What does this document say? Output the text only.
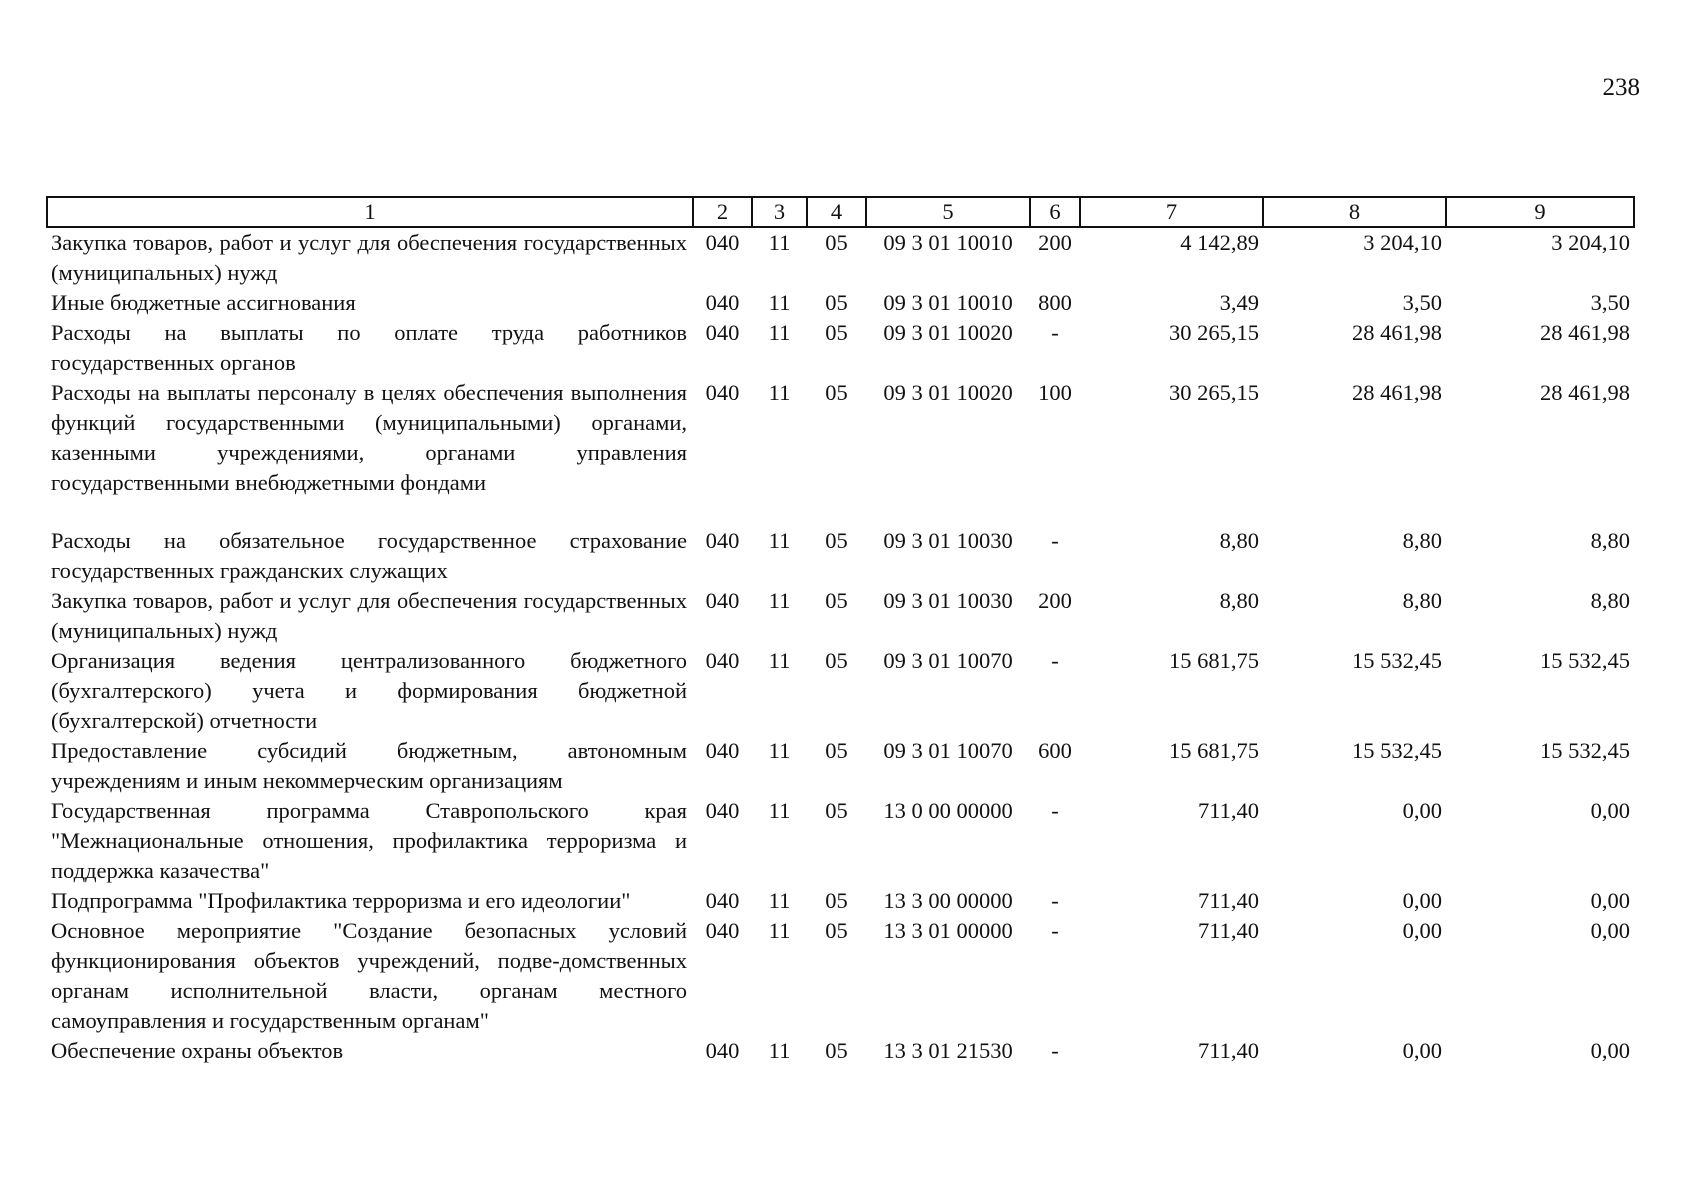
238
1	2	3	4	5	6	7	8	9
Закупка товаров, работ и услуг для обеспечения государственных (муниципальных) нужд	040	11	05	09 3 01 10010	200	4 142,89	3 204,10	3 204,10
Иные бюджетные ассигнования	040	11	05	09 3 01 10010	800	3,49	3,50	3,50
Расходы на выплаты по оплате труда работников государственных органов	040	11	05	09 3 01 10020	-	30 265,15	28 461,98	28 461,98
Расходы на выплаты персоналу в целях обеспечения выполнения функций государственными (муниципальными) органами, казенными учреждениями, органами управления государственными внебюджетными фондами	040	11	05	09 3 01 10020	100	30 265,15	28 461,98	28 461,98

Расходы на обязательное государственное страхование государственных гражданских служащих	040	11	05	09 3 01 10030	-	8,80	8,80	8,80
Закупка товаров, работ и услуг для обеспечения государственных (муниципальных) нужд	040	11	05	09 3 01 10030	200	8,80	8,80	8,80
Организация ведения централизованного бюджетного (бухгалтерского) учета и формирования бюджетной (бухгалтерской) отчетности	040	11	05	09 3 01 10070	-	15 681,75	15 532,45	15 532,45
Предоставление субсидий бюджетным, автономным учреждениям и иным некоммерческим организациям	040	11	05	09 3 01 10070	600	15 681,75	15 532,45	15 532,45
Государственная программа Ставропольского края "Межнациональные отношения, профилактика терроризма и поддержка казачества"	040	11	05	13 0 00 00000	-	711,40	0,00	0,00
Подпрограмма "Профилактика терроризма и его идеологии"	040	11	05	13 3 00 00000	-	711,40	0,00	0,00
Основное мероприятие "Создание безопасных условий функционирования объектов учреждений, подве-домственных органам исполнительной власти, органам местного самоуправления и государственным органам"	040	11	05	13 3 01 00000	-	711,40	0,00	0,00
Обеспечение охраны объектов	040	11	05	13 3 01 21530	-	711,40	0,00	0,00
